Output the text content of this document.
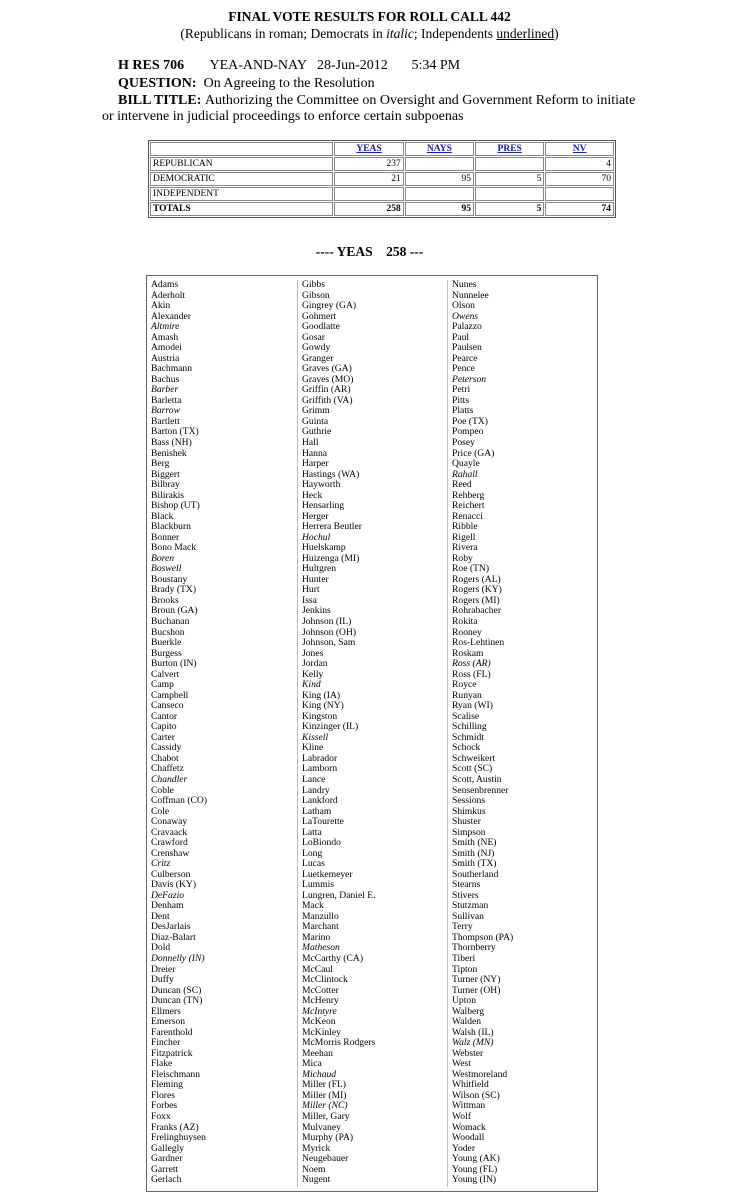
FINAL VOTE RESULTS FOR ROLL CALL 442
(Republicans in roman; Democrats in italic; Independents underlined)
H RES 706 YEA-AND-NAY 28-Jun-2012 5:34 PM
QUESTION: On Agreeing to the Resolution
BILL TITLE: Authorizing the Committee on Oversight and Government Reform to initiate
or intervene in judicial proceedings to enforce certain subpoenas
	YEAS	NAYS	PRES	NV
REPUBLICAN	237			4
DEMOCRATIC	21	95	5	70
INDEPENDENT				
TOTALS	258	95	5	74
---- YEAS    258 ---
Adams
Aderholt
Akin
Alexander
Altmire
Amash
Amodei
Austria
Bachmann
Bachus
Barber
Barletta
Barrow
Bartlett
Barton (TX)
Bass (NH)
Benishek
Berg
Biggert
Bilbray
Bilirakis
Bishop (UT)
Black
Blackburn
Bonner
Bono Mack
Boren
Boswell
Boustany
Brady (TX)
Brooks
Broun (GA)
Buchanan
Bucshon
Buerkle
Burgess
Burton (IN)
Calvert
Camp
Campbell
Canseco
Cantor
Capito
Carter
Cassidy
Chabot
Chaffetz
Chandler
Coble
Coffman (CO)
Cole
Conaway
Cravaack
Crawford
Crenshaw
Critz
Culberson
Davis (KY)
DeFazio
Denham
Dent
DesJarlais
Diaz-Balart
Dold
Donnelly (IN)
Dreier
Duffy
Duncan (SC)
Duncan (TN)
Ellmers
Emerson
Farenthold
Fincher
Fitzpatrick
Flake
Fleischmann
Fleming
Flores
Forbes
Foxx
Franks (AZ)
Frelinghuysen
Gallegly
Gardner
Garrett
Gerlach
Gibbs
Gibson
Gingrey (GA)
Gohmert
Goodlatte
Gosar
Gowdy
Granger
Graves (GA)
Graves (MO)
Griffin (AR)
Griffith (VA)
Grimm
Guinta
Guthrie
Hall
Hanna
Harper
Hastings (WA)
Hayworth
Heck
Hensarling
Herger
Herrera Beutler
Hochul
Huelskamp
Huizenga (MI)
Hultgren
Hunter
Hurt
Issa
Jenkins
Johnson (IL)
Johnson (OH)
Johnson, Sam
Jones
Jordan
Kelly
Kind
King (IA)
King (NY)
Kingston
Kinzinger (IL)
Kissell
Kline
Labrador
Lamborn
Lance
Landry
Lankford
Latham
LaTourette
Latta
LoBiondo
Long
Lucas
Luetkemeyer
Lummis
Lungren, Daniel E.
Mack
Manzullo
Marchant
Marino
Matheson
McCarthy (CA)
McCaul
McClintock
McCotter
McHenry
McIntyre
McKeon
McKinley
McMorris Rodgers
Meehan
Mica
Michaud
Miller (FL)
Miller (MI)
Miller (NC)
Miller, Gary
Mulvaney
Murphy (PA)
Myrick
Neugebauer
Noem
Nugent
Nunes
Nunnelee
Olson
Owens
Palazzo
Paul
Paulsen
Pearce
Pence
Peterson
Petri
Pitts
Platts
Poe (TX)
Pompeo
Posey
Price (GA)
Quayle
Rahall
Reed
Rehberg
Reichert
Renacci
Ribble
Rigell
Rivera
Roby
Roe (TN)
Rogers (AL)
Rogers (KY)
Rogers (MI)
Rohrabacher
Rokita
Rooney
Ros-Lehtinen
Roskam
Ross (AR)
Ross (FL)
Royce
Runyan
Ryan (WI)
Scalise
Schilling
Schmidt
Schock
Schweikert
Scott (SC)
Scott, Austin
Sensenbrenner
Sessions
Shimkus
Shuster
Simpson
Smith (NE)
Smith (NJ)
Smith (TX)
Southerland
Stearns
Stivers
Stutzman
Sullivan
Terry
Thompson (PA)
Thornberry
Tiberi
Tipton
Turner (NY)
Turner (OH)
Upton
Walberg
Walden
Walsh (IL)
Walz (MN)
Webster
West
Westmoreland
Whitfield
Wilson (SC)
Wittman
Wolf
Womack
Woodall
Yoder
Young (AK)
Young (FL)
Young (IN)
